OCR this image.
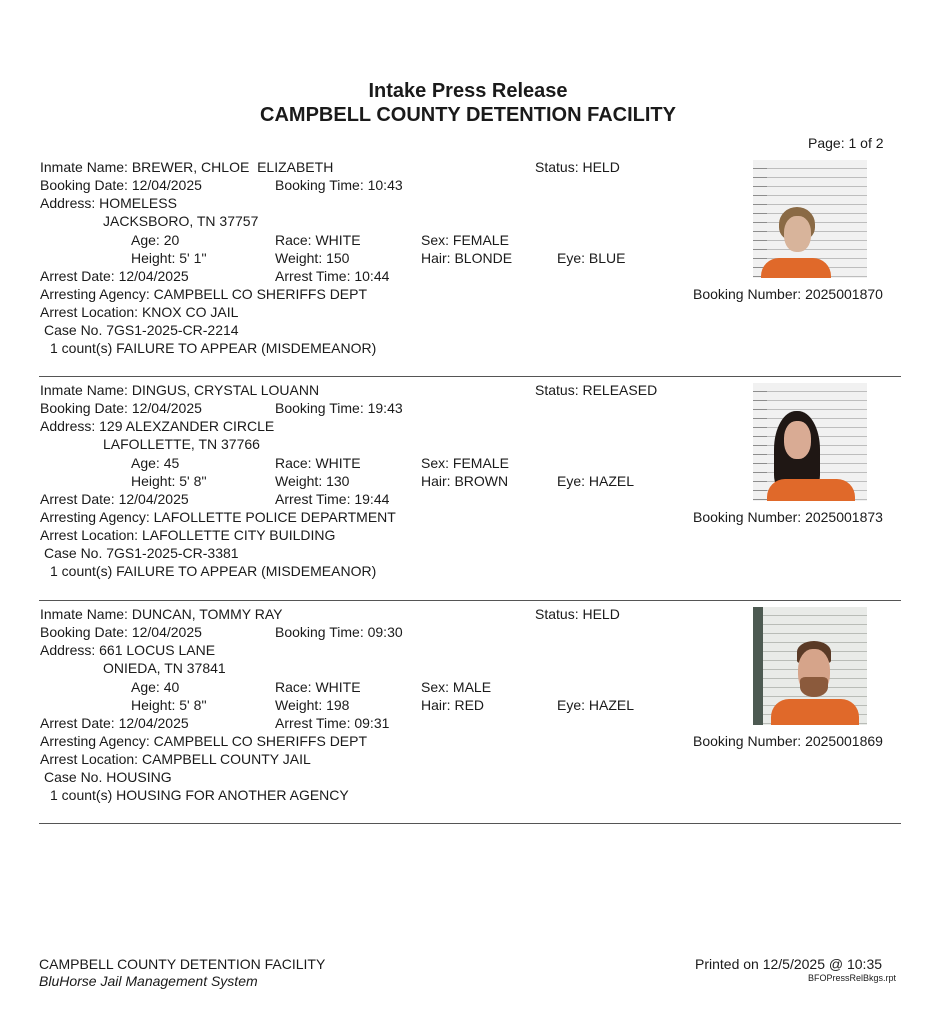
Intake Press Release
CAMPBELL COUNTY DETENTION FACILITY
Page: 1 of 2
Inmate Name: BREWER, CHLOE  ELIZABETH	Status: HELD
Booking Date: 12/04/2025	Booking Time: 10:43
Address: HOMELESS
JACKSBORO, TN 37757
Age: 20	Race: WHITE	Sex: FEMALE
Height: 5' 1''	Weight: 150	Hair: BLONDE	Eye: BLUE
Arrest Date: 12/04/2025	Arrest Time: 10:44
Arresting Agency: CAMPBELL CO SHERIFFS DEPT	Booking Number: 2025001870
Arrest Location: KNOX CO JAIL
Case No. 7GS1-2025-CR-2214
1 count(s) FAILURE TO APPEAR (MISDEMEANOR)
Inmate Name: DINGUS, CRYSTAL LOUANN	Status: RELEASED
Booking Date: 12/04/2025	Booking Time: 19:43
Address: 129 ALEXZANDER CIRCLE
LAFOLLETTE, TN 37766
Age: 45	Race: WHITE	Sex: FEMALE
Height: 5' 8''	Weight: 130	Hair: BROWN	Eye: HAZEL
Arrest Date: 12/04/2025	Arrest Time: 19:44
Arresting Agency: LAFOLLETTE POLICE DEPARTMENT	Booking Number: 2025001873
Arrest Location: LAFOLLETTE CITY BUILDING
Case No. 7GS1-2025-CR-3381
1 count(s) FAILURE TO APPEAR (MISDEMEANOR)
Inmate Name: DUNCAN, TOMMY RAY	Status: HELD
Booking Date: 12/04/2025	Booking Time: 09:30
Address: 661 LOCUS LANE
ONIEDA, TN 37841
Age: 40	Race: WHITE	Sex: MALE
Height: 5' 8''	Weight: 198	Hair: RED	Eye: HAZEL
Arrest Date: 12/04/2025	Arrest Time: 09:31
Arresting Agency: CAMPBELL CO SHERIFFS DEPT	Booking Number: 2025001869
Arrest Location: CAMPBELL COUNTY JAIL
Case No. HOUSING
1 count(s) HOUSING FOR ANOTHER AGENCY
CAMPBELL COUNTY DETENTION FACILITY
BluHorse Jail Management System
Printed on 12/5/2025 @ 10:35
BFOPressRelBkgs.rpt
